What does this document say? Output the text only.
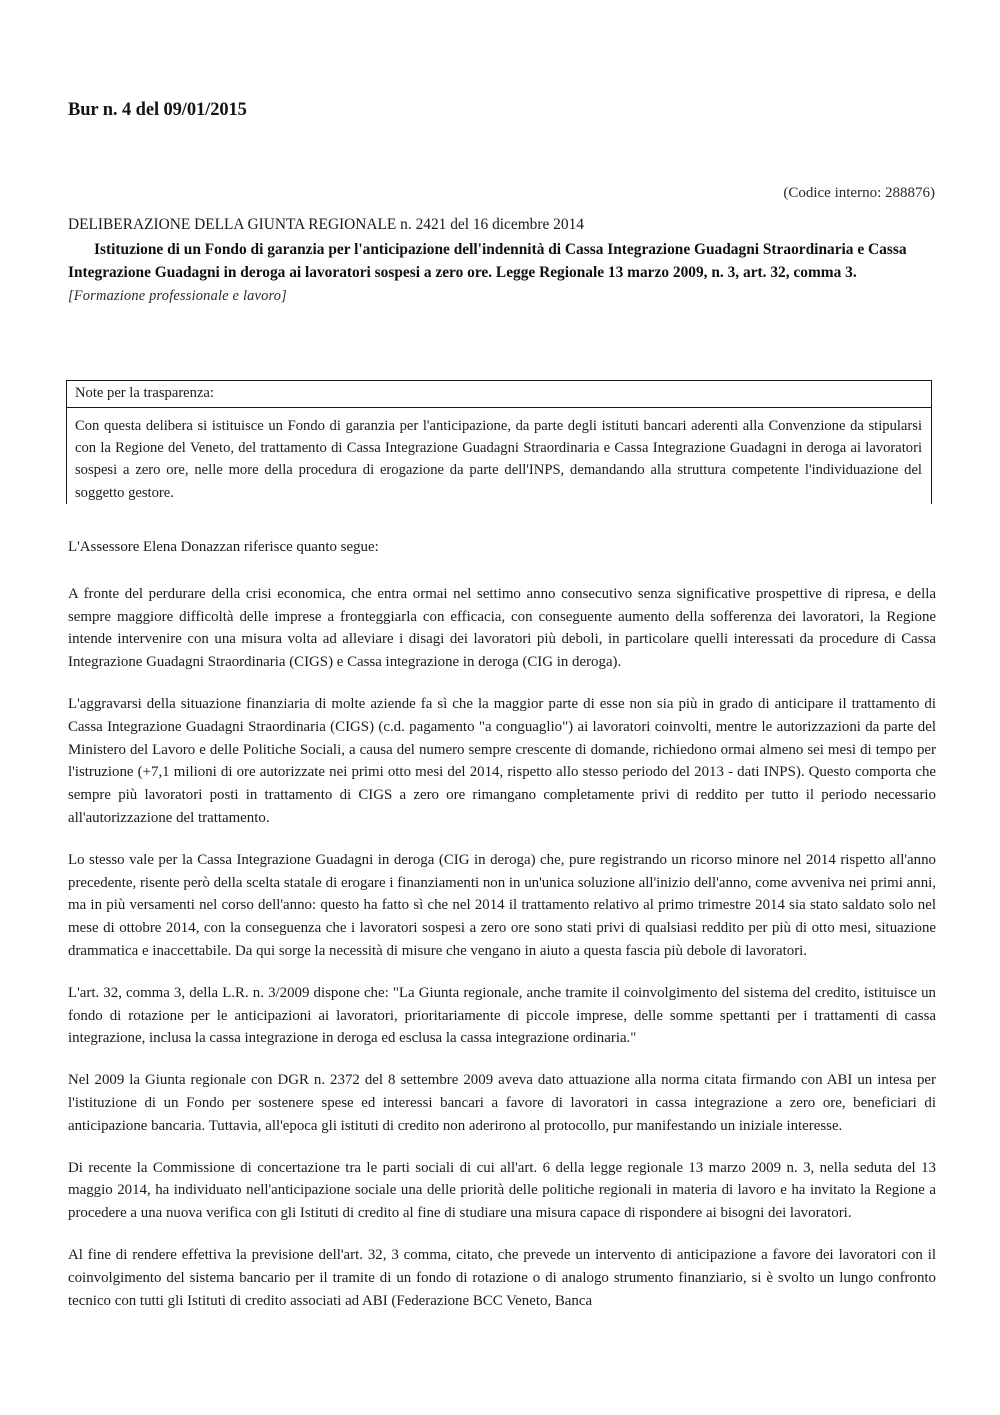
Bur n. 4 del 09/01/2015
(Codice interno: 288876)
DELIBERAZIONE DELLA GIUNTA REGIONALE n. 2421 del 16 dicembre 2014
Istituzione di un Fondo di garanzia per l'anticipazione dell'indennità di Cassa Integrazione Guadagni Straordinaria e Cassa Integrazione Guadagni in deroga ai lavoratori sospesi a zero ore. Legge Regionale 13 marzo 2009, n. 3, art. 32, comma 3.
[Formazione professionale e lavoro]
Note per la trasparenza:
Con questa delibera si istituisce un Fondo di garanzia per l'anticipazione, da parte degli istituti bancari aderenti alla Convenzione da stipularsi con la Regione del Veneto, del trattamento di Cassa Integrazione Guadagni Straordinaria e Cassa Integrazione Guadagni in deroga ai lavoratori sospesi a zero ore, nelle more della procedura di erogazione da parte dell'INPS, demandando alla struttura competente l'individuazione del soggetto gestore.

L'Assessore Elena Donazzan riferisce quanto segue:

A fronte del perdurare della crisi economica, che entra ormai nel settimo anno consecutivo senza significative prospettive di ripresa, e della sempre maggiore difficoltà delle imprese a fronteggiarla con efficacia, con conseguente aumento della sofferenza dei lavoratori, la Regione intende intervenire con una misura volta ad alleviare i disagi dei lavoratori più deboli, in particolare quelli interessati da procedure di Cassa Integrazione Guadagni Straordinaria (CIGS) e Cassa integrazione in deroga (CIG in deroga).

L'aggravarsi della situazione finanziaria di molte aziende fa sì che la maggior parte di esse non sia più in grado di anticipare il trattamento di Cassa Integrazione Guadagni Straordinaria (CIGS) (c.d. pagamento "a conguaglio") ai lavoratori coinvolti, mentre le autorizzazioni da parte del Ministero del Lavoro e delle Politiche Sociali, a causa del numero sempre crescente di domande, richiedono ormai almeno sei mesi di tempo per l'istruzione (+7,1 milioni di ore autorizzate nei primi otto mesi del 2014, rispetto allo stesso periodo del 2013 - dati INPS). Questo comporta che sempre più lavoratori posti in trattamento di CIGS a zero ore rimangano completamente privi di reddito per tutto il periodo necessario all'autorizzazione del trattamento.

Lo stesso vale per la Cassa Integrazione Guadagni in deroga (CIG in deroga) che, pure registrando un ricorso minore nel 2014 rispetto all'anno precedente, risente però della scelta statale di erogare i finanziamenti non in un'unica soluzione all'inizio dell'anno, come avveniva nei primi anni, ma in più versamenti nel corso dell'anno: questo ha fatto sì che nel 2014 il trattamento relativo al primo trimestre 2014 sia stato saldato solo nel mese di ottobre 2014, con la conseguenza che i lavoratori sospesi a zero ore sono stati privi di qualsiasi reddito per più di otto mesi, situazione drammatica e inaccettabile. Da qui sorge la necessità di misure che vengano in aiuto a questa fascia più debole di lavoratori.

L'art. 32, comma 3, della L.R. n. 3/2009 dispone che: "La Giunta regionale, anche tramite il coinvolgimento del sistema del credito, istituisce un fondo di rotazione per le anticipazioni ai lavoratori, prioritariamente di piccole imprese, delle somme spettanti per i trattamenti di cassa integrazione, inclusa la cassa integrazione in deroga ed esclusa la cassa integrazione ordinaria."

Nel 2009 la Giunta regionale con DGR n. 2372 del 8 settembre 2009 aveva dato attuazione alla norma citata firmando con ABI un intesa per l'istituzione di un Fondo per sostenere spese ed interessi bancari a favore di lavoratori in cassa integrazione a zero ore, beneficiari di anticipazione bancaria. Tuttavia, all'epoca gli istituti di credito non aderirono al protocollo, pur manifestando un iniziale interesse.

Di recente la Commissione di concertazione tra le parti sociali di cui all'art. 6 della legge regionale 13 marzo 2009 n. 3, nella seduta del 13 maggio 2014, ha individuato nell'anticipazione sociale una delle priorità delle politiche regionali in materia di lavoro e ha invitato la Regione a procedere a una nuova verifica con gli Istituti di credito al fine di studiare una misura capace di rispondere ai bisogni dei lavoratori.

Al fine di rendere effettiva la previsione dell'art. 32, 3 comma, citato, che prevede un intervento di anticipazione a favore dei lavoratori con il coinvolgimento del sistema bancario per il tramite di un fondo di rotazione o di analogo strumento finanziario, si è svolto un lungo confronto tecnico con tutti gli Istituti di credito associati ad ABI (Federazione BCC Veneto, Banca
